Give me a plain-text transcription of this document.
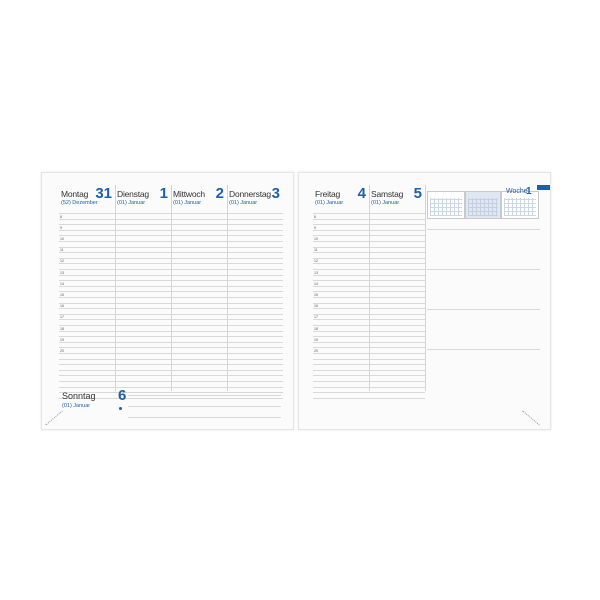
Montag 31
(52) Dezember
Dienstag 1
(01) Januar
Mittwoch 2
(01) Januar
Donnerstag 3
(01) Januar
8
9
10
11
12
13
14
15
16
17
18
19
20
Sonntag 6
(01) Januar
Freitag 4
(01) Januar
Samstag 5
(01) Januar
8
9
10
11
12
13
14
15
16
17
18
19
20
Woche
1
